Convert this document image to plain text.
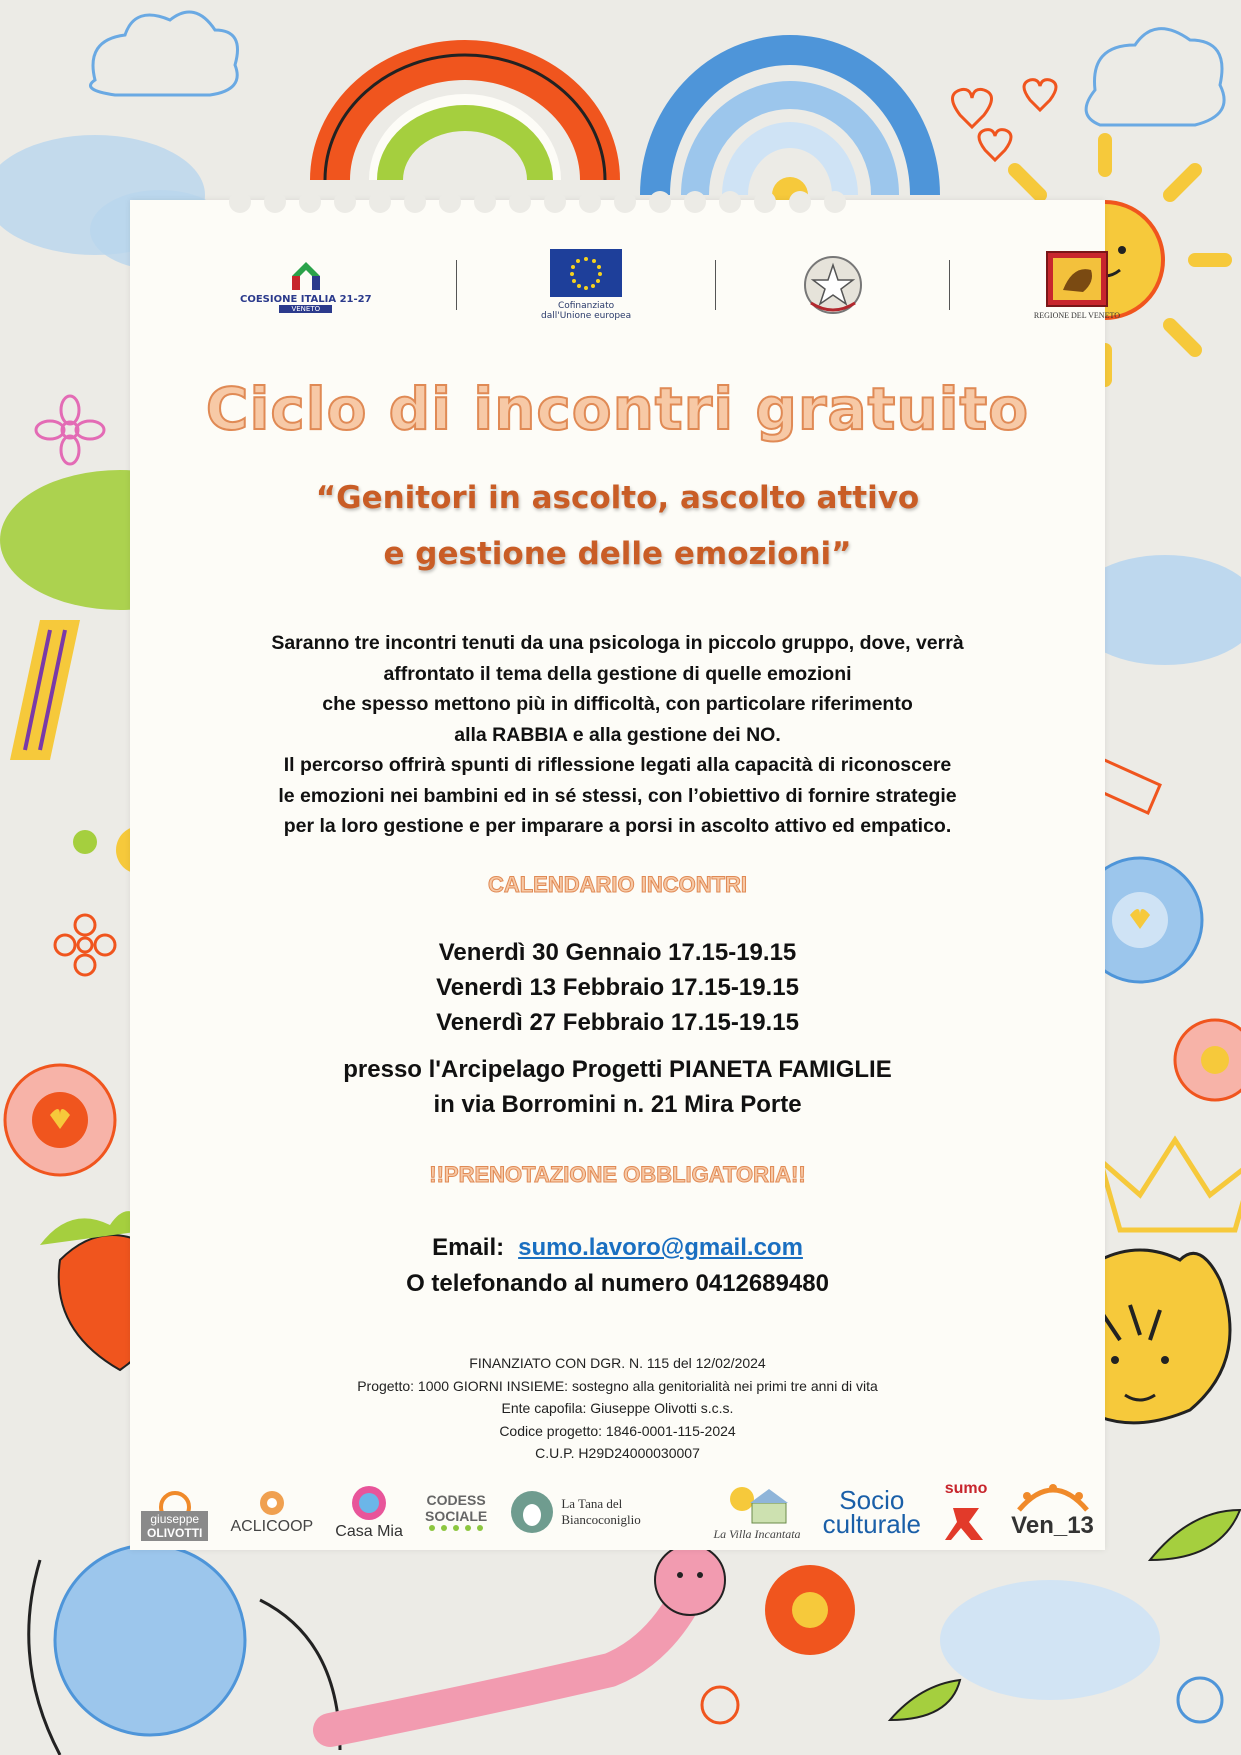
COESIONE ITALIA 21-27
VENETO	Cofinanziato
dall'Unione europea	REGIONE DEL VENETO
Ciclo di incontri gratuito
“Genitori in ascolto, ascolto attivo
e gestione delle emozioni”
Saranno tre incontri tenuti da una psicologa in piccolo gruppo, dove, verrà
affrontato il tema della gestione di quelle emozioni
che spesso mettono più in difficoltà, con particolare riferimento
alla RABBIA e alla gestione dei NO.
Il percorso offrirà spunti di riflessione legati alla capacità di riconoscere
le emozioni nei bambini ed in sé stessi, con l’obiettivo di fornire strategie
per la loro gestione e per imparare a porsi in ascolto attivo ed empatico.
CALENDARIO INCONTRI
Venerdì 30 Gennaio 17.15-19.15
Venerdì 13 Febbraio 17.15-19.15
Venerdì 27 Febbraio 17.15-19.15
presso l'Arcipelago Progetti PIANETA FAMIGLIE
in via Borromini n. 21 Mira Porte
!!PRENOTAZIONE OBBLIGATORIA!!
Email: sumo.lavoro@gmail.com
O telefonando al numero 0412689480
FINANZIATO CON DGR. N. 115 del 12/02/2024
Progetto: 1000 GIORNI INSIEME: sostegno alla genitorialità nei primi tre anni di vita
Ente capofila: Giuseppe Olivotti s.c.s.
Codice progetto: 1846-0001-115-2024
C.U.P. H29D24000030007
giuseppe
OLIVOTTI ACLICOOP Casa Mia
CODESS
SOCIALE
La Tana del Biancoconiglio
La Villa Incantata
Socio
culturale
sumo
Ven_13
